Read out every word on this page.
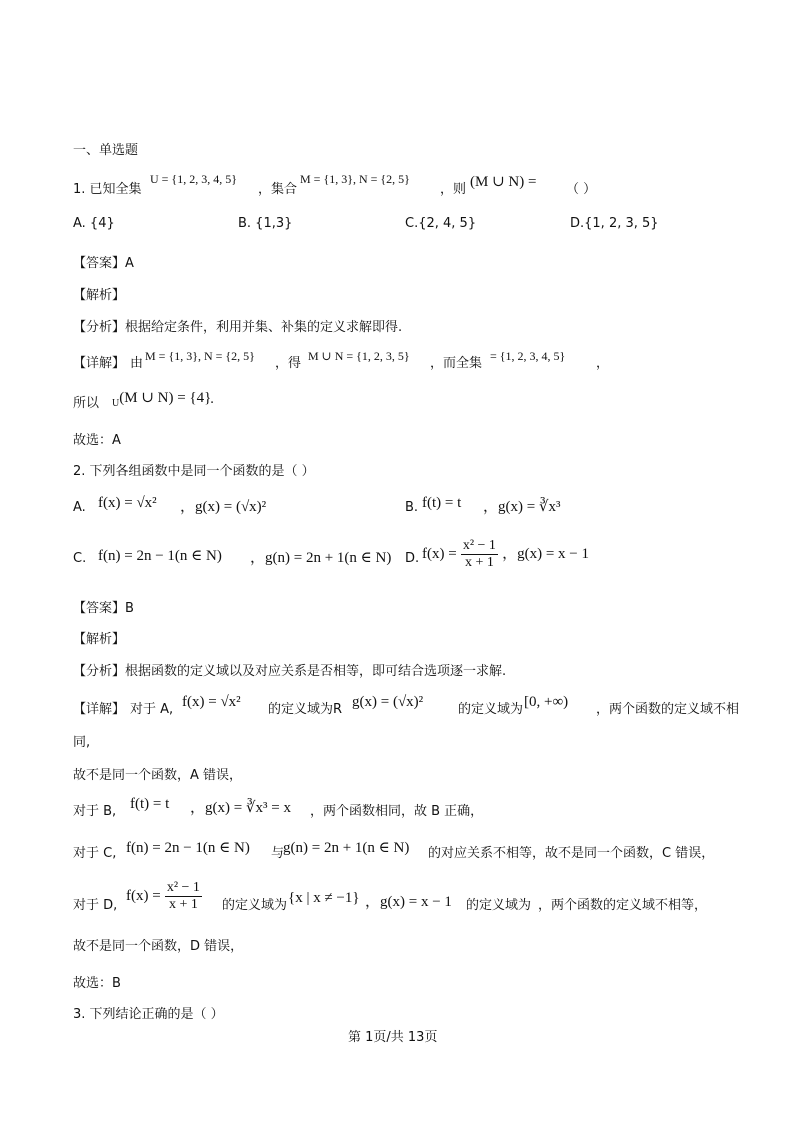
一、单选题
1. 已知全集
U = {1, 2, 3, 4, 5}
，集合
M = {1, 3}, N = {2, 5}
，则 (M ∪ N) = （ ）
A. {4}	B. {1,3}	C.{2, 4, 5}	D.{1, 2, 3, 5}
【答案】A
【解析】
【分析】根据给定条件，利用并集、补集的定义求解即得.
【详解】 由 M = {1, 3}, N = {2, 5} ，得 M ∪ N = {1, 2, 3, 5} ，而全集 = {1, 2, 3, 4, 5} ，
所以 $_U$(M ∪ N) = {4}
.
故选：A
2. 下列各组函数中是同一个函数的是（ ）
A. f(x) = √x² ，g(x) = (√x)²	B. f(t) = t ，g(x) = ∛x³
C. f(n) = 2n − 1(n ∈ N) ，g(n) = 2n + 1(n ∈ N) D. $f(x) = \frac{\text{x² − 1}}{x + 1}$ ，g(x) = x − 1
【答案】B
【解析】
【分析】根据函数的定义域以及对应关系是否相等，即可结合选项逐一求解.
【详解】 对于 A, f(x) = √x² 的定义域为R g(x) = (√x)²	的定义域为 [0, +∞) ，两个函数的定义域不相
同,
故不是同一个函数，A 错误，
对于 B, f(t) = t ，g(x) = ∛x³ = x ，两个函数相同，故 B 正确，
对于 C, f(n) = 2n − 1(n ∈ N) 与
g(n) = 2n + 1(n ∈ N) 的对应关系不相等，故不是同一个函数，C 错误，
对于 D,
$f(x) = \frac{\text{x² − 1}}{x + 1}$ 的定义域为 {x | x ≠ −1} ，g(x) = x − 1 的定义域为 ，两个函数的定义域不相等，
故不是同一个函数，D 错误，
故选：B
3. 下列结论正确的是（ ）
第 1页/共 13页
